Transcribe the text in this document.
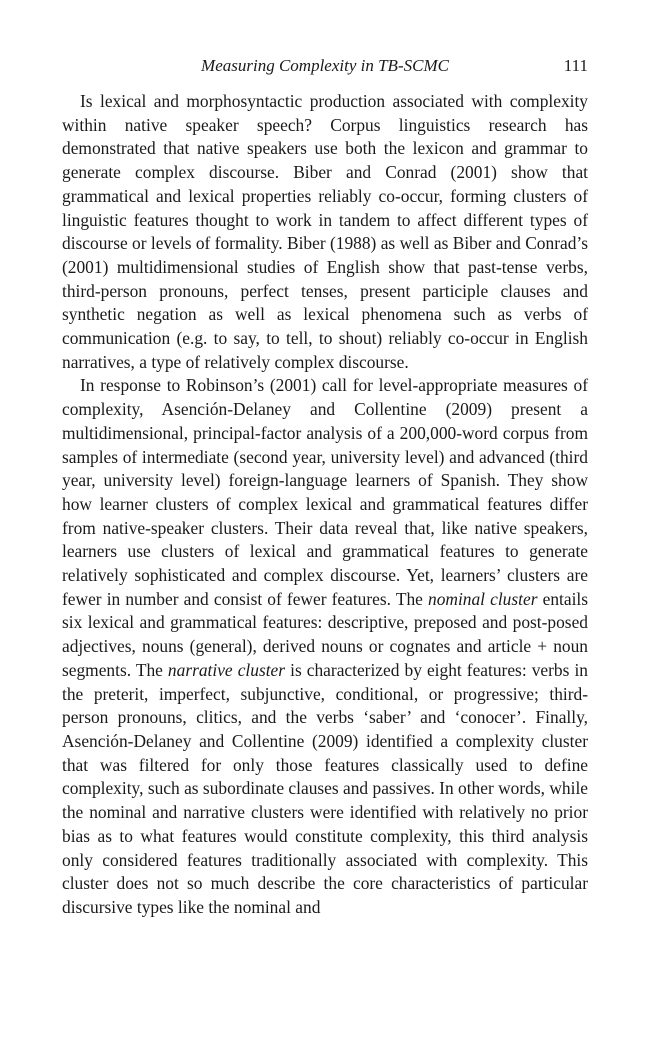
Measuring Complexity in TB-SCMC	111

Is lexical and morphosyntactic production associated with complexity within native speaker speech? Corpus linguistics research has demonstrated that native speakers use both the lexicon and grammar to generate complex discourse. Biber and Conrad (2001) show that grammatical and lexical properties reliably co-occur, forming clusters of linguistic features thought to work in tandem to affect different types of discourse or levels of formality. Biber (1988) as well as Biber and Conrad’s (2001) multidimensional studies of English show that past-tense verbs, third-person pronouns, perfect tenses, present participle clauses and synthetic negation as well as lexical phenomena such as verbs of communication (e.g. to say, to tell, to shout) reliably co-occur in English narratives, a type of relatively complex discourse.

In response to Robinson’s (2001) call for level-appropriate measures of complexity, Asención-Delaney and Collentine (2009) present a multidimensional, principal-factor analysis of a 200,000-word corpus from samples of intermediate (second year, university level) and advanced (third year, university level) foreign-language learners of Spanish. They show how learner clusters of complex lexical and grammatical features differ from native-speaker clusters. Their data reveal that, like native speakers, learners use clusters of lexical and grammatical features to generate relatively sophisticated and complex discourse. Yet, learners’ clusters are fewer in number and consist of fewer features. The nominal cluster entails six lexical and grammatical features: descriptive, preposed and post-posed adjectives, nouns (general), derived nouns or cognates and article + noun segments. The narrative cluster is characterized by eight features: verbs in the preterit, imperfect, subjunctive, conditional, or progressive; third-person pronouns, clitics, and the verbs ‘saber’ and ‘conocer’. Finally, Asención-Delaney and Collentine (2009) identified a complexity cluster that was filtered for only those features classically used to define complexity, such as subordinate clauses and passives. In other words, while the nominal and narrative clusters were identified with relatively no prior bias as to what features would constitute complexity, this third analysis only considered features traditionally associated with complexity. This cluster does not so much describe the core characteristics of particular discursive types like the nominal and
